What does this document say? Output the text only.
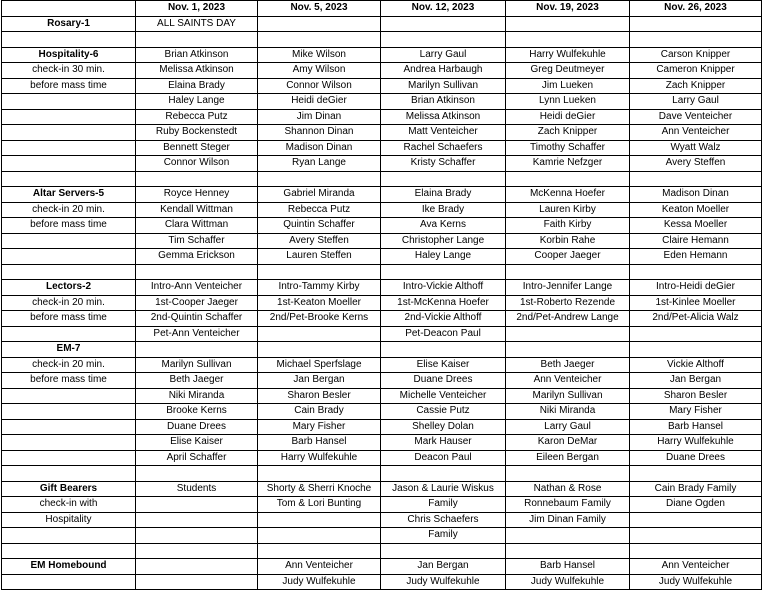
	Nov. 1, 2023	Nov. 5, 2023	Nov. 12, 2023	Nov. 19, 2023	Nov. 26, 2023
Rosary-1	ALL SAINTS DAY				

Hospitality-6	Brian Atkinson	Mike Wilson	Larry Gaul	Harry Wulfekuhle	Carson Knipper
check-in 30 min.	Melissa Atkinson	Amy Wilson	Andrea Harbaugh	Greg Deutmeyer	Cameron Knipper
before mass time	Elaina Brady	Connor Wilson	Marilyn Sullivan	Jim Lueken	Zach Knipper
	Haley Lange	Heidi deGier	Brian Atkinson	Lynn Lueken	Larry Gaul
	Rebecca Putz	Jim Dinan	Melissa Atkinson	Heidi deGier	Dave Venteicher
	Ruby Bockenstedt	Shannon Dinan	Matt Venteicher	Zach Knipper	Ann Venteicher
	Bennett Steger	Madison Dinan	Rachel Schaefers	Timothy Schaffer	Wyatt Walz
	Connor Wilson	Ryan Lange	Kristy Schaffer	Kamrie Nefzger	Avery Steffen

Altar Servers-5	Royce Henney	Gabriel Miranda	Elaina Brady	McKenna Hoefer	Madison Dinan
check-in 20 min.	Kendall Wittman	Rebecca Putz	Ike Brady	Lauren Kirby	Keaton Moeller
before mass time	Clara Wittman	Quintin Schaffer	Ava Kerns	Faith Kirby	Kessa Moeller
	Tim Schaffer	Avery Steffen	Christopher Lange	Korbin Rahe	Claire Hemann
	Gemma Erickson	Lauren Steffen	Haley Lange	Cooper Jaeger	Eden Hemann

Lectors-2	Intro-Ann Venteicher	Intro-Tammy Kirby	Intro-Vickie Althoff	Intro-Jennifer Lange	Intro-Heidi deGier
check-in 20 min.	1st-Cooper Jaeger	1st-Keaton Moeller	1st-McKenna Hoefer	1st-Roberto Rezende	1st-Kinlee Moeller
before mass time	2nd-Quintin Schaffer	2nd/Pet-Brooke Kerns	2nd-Vickie Althoff	2nd/Pet-Andrew Lange	2nd/Pet-Alicia Walz
	Pet-Ann Venteicher		Pet-Deacon Paul		
EM-7					
check-in 20 min.	Marilyn Sullivan	Michael Sperfslage	Elise Kaiser	Beth Jaeger	Vickie Althoff
before mass time	Beth Jaeger	Jan Bergan	Duane Drees	Ann Venteicher	Jan Bergan
	Niki Miranda	Sharon Besler	Michelle Venteicher	Marilyn Sullivan	Sharon Besler
	Brooke Kerns	Cain Brady	Cassie Putz	Niki Miranda	Mary Fisher
	Duane Drees	Mary Fisher	Shelley Dolan	Larry Gaul	Barb Hansel
	Elise Kaiser	Barb Hansel	Mark Hauser	Karon DeMar	Harry Wulfekuhle
	April Schaffer	Harry Wulfekuhle	Deacon Paul	Eileen Bergan	Duane Drees

Gift Bearers	Students	Shorty & Sherri Knoche	Jason & Laurie Wiskus	Nathan & Rose	Cain Brady Family
check-in with		Tom & Lori Bunting	Family	Ronnebaum Family	Diane Ogden
Hospitality			Chris Schaefers	Jim Dinan Family	
			Family		

EM Homebound		Ann Venteicher	Jan Bergan	Barb Hansel	Ann Venteicher
		Judy Wulfekuhle	Judy Wulfekuhle	Judy Wulfekuhle	Judy Wulfekuhle
